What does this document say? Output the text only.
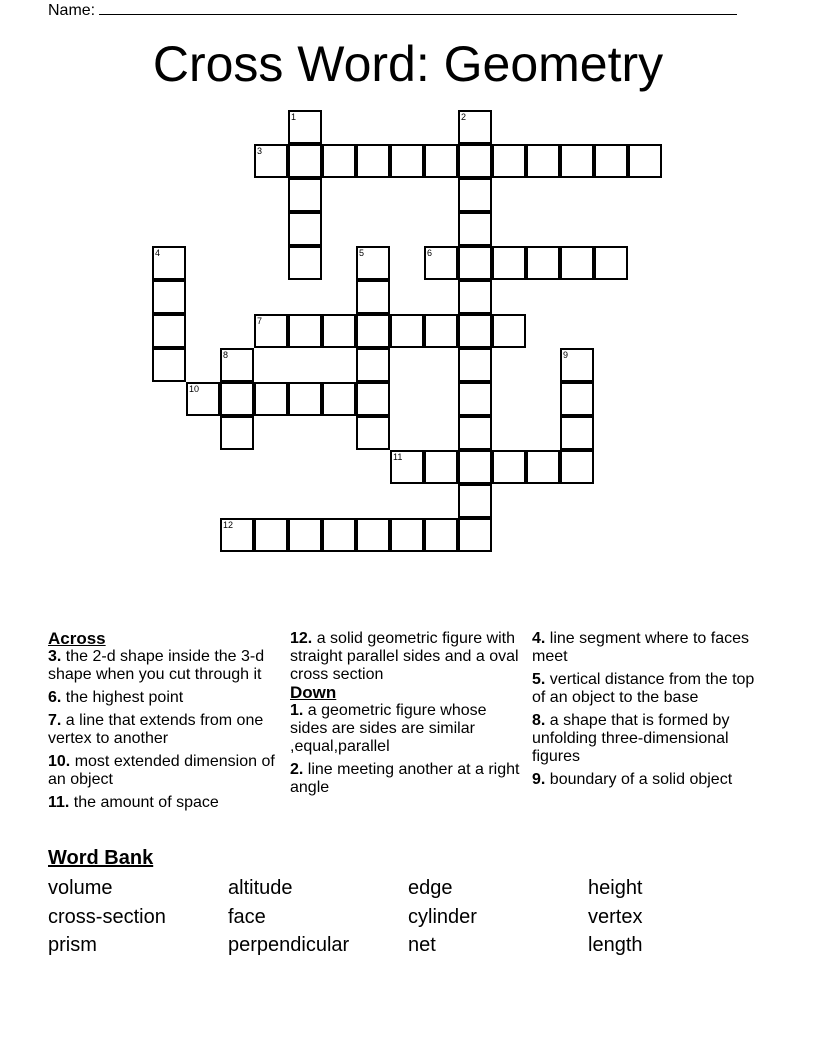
Name:
Cross Word: Geometry
1	2
3
4	5	6
7
8	9
10
11
12
Across
3. the 2-d shape inside the 3-d shape when you cut through it
6. the highest point
7. a line that extends from one vertex to another
10. most extended dimension of an object
11. the amount of space
12. a solid geometric figure with straight parallel sides and a oval cross section
Down
1. a geometric figure whose sides are sides are similar ,equal,parallel
2. line meeting another at a right angle
4. line segment where to faces meet
5. vertical distance from the top of an object to the base
8. a shape that is formed by unfolding three-dimensional figures
9. boundary of a solid object
Word Bank
volume	altitude	edge	height
cross-section	face	cylinder	vertex
prism	perpendicular	net	length
